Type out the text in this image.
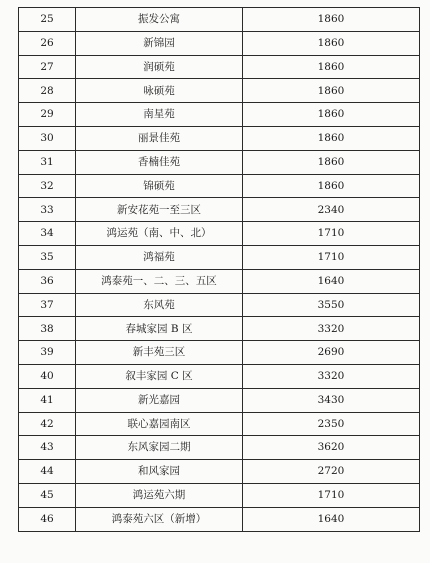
25	振发公寓	1860
26	新锦园	1860
27	润硕苑	1860
28	咏硕苑	1860
29	南星苑	1860
30	丽景佳苑	1860
31	香楠佳苑	1860
32	锦硕苑	1860
33	新安花苑一至三区	2340
34	鸿运苑（南、中、北）	1710
35	鸿福苑	1710
36	鸿泰苑一、二、三、五区	1640
37	东风苑	3550
38	春城家园 B 区	3320
39	新丰苑三区	2690
40	叙丰家园 C 区	3320
41	新光嘉园	3430
42	联心嘉园南区	2350
43	东风家园二期	3620
44	和风家园	2720
45	鸿运苑六期	1710
46	鸿泰苑六区（新增）	1640
